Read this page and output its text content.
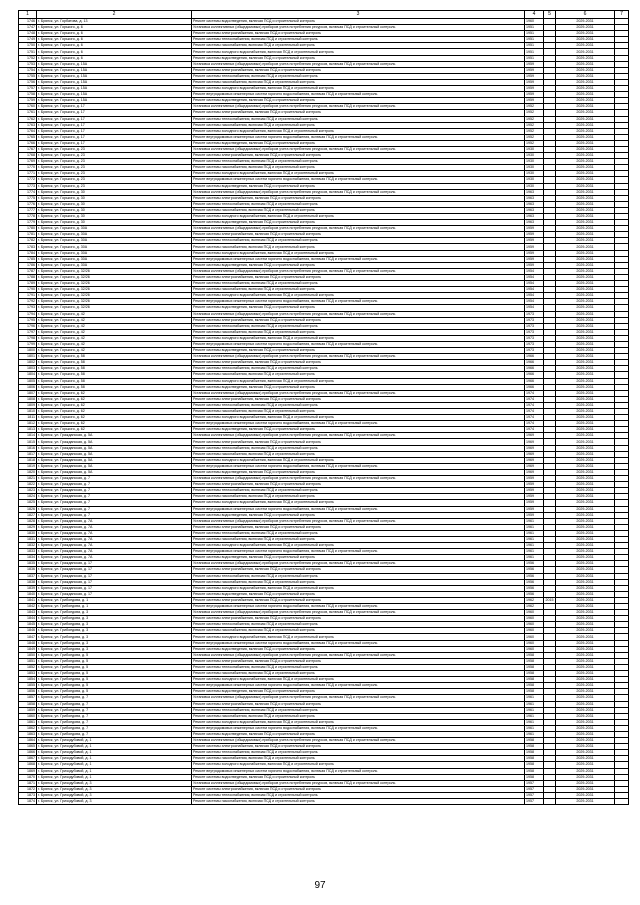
1	2	3	4	5	6	7
1746	г. Брянск, ул. Горбатова, д. 13	Ремонт системы водоотведения, включая ПСД и строительный контроль	1960		2029-2031	
1747	г. Брянск, ул. Горького, д. 6	Установка коллективных (общедомовых) приборов учета потребления ресурсов, включая ПСД и строительный контроль	1951		2029-2031	
1748	г. Брянск, ул. Горького, д. 6	Ремонт системы электроснабжения, включая ПСД и строительный контроль	1951		2029-2031	
1749	г. Брянск, ул. Горького, д. 6	Ремонт системы теплоснабжения, включая ПСД и строительный контроль	1951		2029-2031	
1750	г. Брянск, ул. Горького, д. 6	Ремонт системы газоснабжения, включая ПСД и строительный контроль	1951		2029-2031	
1751	г. Брянск, ул. Горького, д. 6	Ремонт системы холодного водоснабжения, включая ПСД и строительный контроль	1951		2029-2031	
1752	г. Брянск, ул. Горького, д. 6	Ремонт системы водоотведения, включая ПСД и строительный контроль	1951		2029-2031	
1753	г. Брянск, ул. Горького, д. 15А	Установка коллективных (общедомовых) приборов учета потребления ресурсов, включая ПСД и строительный контроль	1959		2029-2031	
1754	г. Брянск, ул. Горького, д. 15А	Ремонт системы электроснабжения, включая ПСД и строительный контроль	1959		2029-2031	
1755	г. Брянск, ул. Горького, д. 15А	Ремонт системы теплоснабжения, включая ПСД и строительный контроль	1959		2029-2031	
1756	г. Брянск, ул. Горького, д. 15А	Ремонт системы газоснабжения, включая ПСД и строительный контроль	1959		2029-2031	
1757	г. Брянск, ул. Горького, д. 15А	Ремонт системы холодного водоснабжения, включая ПСД и строительный контроль	1959		2029-2031	
1758	г. Брянск, ул. Горького, д. 15А	Ремонт внутридомовых инженерных систем горячего водоснабжения, включая ПСД и строительный контроль	1959		2029-2031	
1759	г. Брянск, ул. Горького, д. 15А	Ремонт системы водоотведения, включая ПСД и строительный контроль	1959		2029-2031	
1760	г. Брянск, ул. Горького, д. 17	Установка коллективных (общедомовых) приборов учета потребления ресурсов, включая ПСД и строительный контроль	1952		2029-2031	
1761	г. Брянск, ул. Горького, д. 17	Ремонт системы электроснабжения, включая ПСД и строительный контроль	1952		2029-2031	
1762	г. Брянск, ул. Горького, д. 17	Ремонт системы теплоснабжения, включая ПСД и строительный контроль	1952		2029-2031	
1763	г. Брянск, ул. Горького, д. 17	Ремонт системы газоснабжения, включая ПСД и строительный контроль	1952		2029-2031	
1764	г. Брянск, ул. Горького, д. 17	Ремонт системы холодного водоснабжения, включая ПСД и строительный контроль	1952		2029-2031	
1765	г. Брянск, ул. Горького, д. 17	Ремонт внутридомовых инженерных систем горячего водоснабжения, включая ПСД и строительный контроль	1952		2029-2031	
1766	г. Брянск, ул. Горького, д. 17	Ремонт системы водоотведения, включая ПСД и строительный контроль	1952		2029-2031	
1767	г. Брянск, ул. Горького, д. 23	Установка коллективных (общедомовых) приборов учета потребления ресурсов, включая ПСД и строительный контроль	1930		2029-2031	
1768	г. Брянск, ул. Горького, д. 23	Ремонт системы электроснабжения, включая ПСД и строительный контроль	1930		2029-2031	
1769	г. Брянск, ул. Горького, д. 23	Ремонт системы теплоснабжения, включая ПСД и строительный контроль	1930		2029-2031	
1770	г. Брянск, ул. Горького, д. 23	Ремонт системы газоснабжения, включая ПСД и строительный контроль	1930		2029-2031	
1771	г. Брянск, ул. Горького, д. 23	Ремонт системы холодного водоснабжения, включая ПСД и строительный контроль	1930		2029-2031	
1772	г. Брянск, ул. Горького, д. 23	Ремонт внутридомовых инженерных систем горячего водоснабжения, включая ПСД и строительный контроль	1930		2029-2031	
1773	г. Брянск, ул. Горького, д. 23	Ремонт системы водоотведения, включая ПСД и строительный контроль	1930		2029-2031	
1774	г. Брянск, ул. Горького, д. 30	Установка коллективных (общедомовых) приборов учета потребления ресурсов, включая ПСД и строительный контроль	1963		2029-2031	
1775	г. Брянск, ул. Горького, д. 30	Ремонт системы электроснабжения, включая ПСД и строительный контроль	1963		2029-2031	
1776	г. Брянск, ул. Горького, д. 30	Ремонт системы теплоснабжения, включая ПСД и строительный контроль	1963		2029-2031	
1777	г. Брянск, ул. Горького, д. 30	Ремонт системы газоснабжения, включая ПСД и строительный контроль	1963		2029-2031	
1778	г. Брянск, ул. Горького, д. 30	Ремонт системы холодного водоснабжения, включая ПСД и строительный контроль	1963		2029-2031	
1779	г. Брянск, ул. Горького, д. 30	Ремонт системы водоотведения, включая ПСД и строительный контроль	1963		2029-2031	
1780	г. Брянск, ул. Горького, д. 30А	Установка коллективных (общедомовых) приборов учета потребления ресурсов, включая ПСД и строительный контроль	1959		2029-2031	
1781	г. Брянск, ул. Горького, д. 30А	Ремонт системы электроснабжения, включая ПСД и строительный контроль	1959		2029-2031	
1782	г. Брянск, ул. Горького, д. 30А	Ремонт системы теплоснабжения, включая ПСД и строительный контроль	1959		2029-2031	
1783	г. Брянск, ул. Горького, д. 30А	Ремонт системы газоснабжения, включая ПСД и строительный контроль	1959		2029-2031	
1784	г. Брянск, ул. Горького, д. 30А	Ремонт системы холодного водоснабжения, включая ПСД и строительный контроль	1959		2029-2031	
1785	г. Брянск, ул. Горького, д. 30А	Ремонт внутридомовых инженерных систем горячего водоснабжения, включая ПСД и строительный контроль	1959		2029-2031	
1786	г. Брянск, ул. Горького, д. 30А	Ремонт системы водоотведения, включая ПСД и строительный контроль	1959		2029-2031	
1787	г. Брянск, ул. Горького, д. 32/26	Установка коллективных (общедомовых) приборов учета потребления ресурсов, включая ПСД и строительный контроль	1954		2029-2031	
1788	г. Брянск, ул. Горького, д. 32/26	Ремонт системы электроснабжения, включая ПСД и строительный контроль	1954		2029-2031	
1789	г. Брянск, ул. Горького, д. 32/26	Ремонт системы теплоснабжения, включая ПСД и строительный контроль	1954		2029-2031	
1790	г. Брянск, ул. Горького, д. 32/26	Ремонт системы газоснабжения, включая ПСД и строительный контроль	1954		2029-2031	
1791	г. Брянск, ул. Горького, д. 32/26	Ремонт системы холодного водоснабжения, включая ПСД и строительный контроль	1954		2029-2031	
1792	г. Брянск, ул. Горького, д. 32/26	Ремонт внутридомовых инженерных систем горячего водоснабжения, включая ПСД и строительный контроль	1954		2029-2031	
1793	г. Брянск, ул. Горького, д. 32/26	Ремонт системы водоотведения, включая ПСД и строительный контроль	1954		2029-2031	
1794	г. Брянск, ул. Горького, д. 42	Установка коллективных (общедомовых) приборов учета потребления ресурсов, включая ПСД и строительный контроль	1973		2029-2031	
1795	г. Брянск, ул. Горького, д. 42	Ремонт системы электроснабжения, включая ПСД и строительный контроль	1973		2029-2031	
1796	г. Брянск, ул. Горького, д. 42	Ремонт системы теплоснабжения, включая ПСД и строительный контроль	1973		2029-2031	
1797	г. Брянск, ул. Горького, д. 42	Ремонт системы газоснабжения, включая ПСД и строительный контроль	1973		2029-2031	
1798	г. Брянск, ул. Горького, д. 42	Ремонт системы холодного водоснабжения, включая ПСД и строительный контроль	1973		2029-2031	
1799	г. Брянск, ул. Горького, д. 42	Ремонт внутридомовых инженерных систем горячего водоснабжения, включая ПСД и строительный контроль	1973		2029-2031	
1800	г. Брянск, ул. Горького, д. 42	Ремонт системы водоотведения, включая ПСД и строительный контроль	1973		2029-2031	
1801	г. Брянск, ул. Горького, д. 58	Установка коллективных (общедомовых) приборов учета потребления ресурсов, включая ПСД и строительный контроль	1966		2029-2031	
1802	г. Брянск, ул. Горького, д. 58	Ремонт системы электроснабжения, включая ПСД и строительный контроль	1966		2029-2031	
1803	г. Брянск, ул. Горького, д. 58	Ремонт системы теплоснабжения, включая ПСД и строительный контроль	1966		2029-2031	
1804	г. Брянск, ул. Горького, д. 58	Ремонт системы газоснабжения, включая ПСД и строительный контроль	1966		2029-2031	
1805	г. Брянск, ул. Горького, д. 58	Ремонт системы холодного водоснабжения, включая ПСД и строительный контроль	1966		2029-2031	
1806	г. Брянск, ул. Горького, д. 58	Ремонт системы водоотведения, включая ПСД и строительный контроль	1966		2029-2031	
1807	г. Брянск, ул. Горького, д. 62	Установка коллективных (общедомовых) приборов учета потребления ресурсов, включая ПСД и строительный контроль	1974		2029-2031	
1808	г. Брянск, ул. Горького, д. 62	Ремонт системы электроснабжения, включая ПСД и строительный контроль	1974		2029-2031	
1809	г. Брянск, ул. Горького, д. 62	Ремонт системы теплоснабжения, включая ПСД и строительный контроль	1974		2029-2031	
1810	г. Брянск, ул. Горького, д. 62	Ремонт системы газоснабжения, включая ПСД и строительный контроль	1974		2029-2031	
1811	г. Брянск, ул. Горького, д. 62	Ремонт системы холодного водоснабжения, включая ПСД и строительный контроль	1974		2029-2031	
1812	г. Брянск, ул. Горького, д. 62	Ремонт внутридомовых инженерных систем горячего водоснабжения, включая ПСД и строительный контроль	1974		2029-2031	
1813	г. Брянск, ул. Горького, д. 62	Ремонт системы водоотведения, включая ПСД и строительный контроль	1974		2029-2031	
1814	г. Брянск, ул. Гражданская, д. 5А	Установка коллективных (общедомовых) приборов учета потребления ресурсов, включая ПСД и строительный контроль	1969		2029-2031	
1815	г. Брянск, ул. Гражданская, д. 5А	Ремонт системы электроснабжения, включая ПСД и строительный контроль	1969		2029-2031	
1816	г. Брянск, ул. Гражданская, д. 5А	Ремонт системы теплоснабжения, включая ПСД и строительный контроль	1969		2029-2031	
1817	г. Брянск, ул. Гражданская, д. 5А	Ремонт системы газоснабжения, включая ПСД и строительный контроль	1969		2029-2031	
1818	г. Брянск, ул. Гражданская, д. 5А	Ремонт системы холодного водоснабжения, включая ПСД и строительный контроль	1969		2029-2031	
1819	г. Брянск, ул. Гражданская, д. 5А	Ремонт внутридомовых инженерных систем горячего водоснабжения, включая ПСД и строительный контроль	1969		2029-2031	
1820	г. Брянск, ул. Гражданская, д. 5А	Ремонт системы водоотведения, включая ПСД и строительный контроль	1969		2029-2031	
1821	г. Брянск, ул. Гражданская, д. 7	Установка коллективных (общедомовых) приборов учета потребления ресурсов, включая ПСД и строительный контроль	1959		2029-2031	
1822	г. Брянск, ул. Гражданская, д. 7	Ремонт системы электроснабжения, включая ПСД и строительный контроль	1959		2029-2031	
1823	г. Брянск, ул. Гражданская, д. 7	Ремонт системы теплоснабжения, включая ПСД и строительный контроль	1959		2029-2031	
1824	г. Брянск, ул. Гражданская, д. 7	Ремонт системы газоснабжения, включая ПСД и строительный контроль	1959		2029-2031	
1825	г. Брянск, ул. Гражданская, д. 7	Ремонт системы холодного водоснабжения, включая ПСД и строительный контроль	1959		2029-2031	
1826	г. Брянск, ул. Гражданская, д. 7	Ремонт внутридомовых инженерных систем горячего водоснабжения, включая ПСД и строительный контроль	1959		2029-2031	
1827	г. Брянск, ул. Гражданская, д. 7	Ремонт системы водоотведения, включая ПСД и строительный контроль	1959		2029-2031	
1828	г. Брянск, ул. Гражданская, д. 7А	Установка коллективных (общедомовых) приборов учета потребления ресурсов, включая ПСД и строительный контроль	1961		2029-2031	
1829	г. Брянск, ул. Гражданская, д. 7А	Ремонт системы электроснабжения, включая ПСД и строительный контроль	1961		2029-2031	
1830	г. Брянск, ул. Гражданская, д. 7А	Ремонт системы теплоснабжения, включая ПСД и строительный контроль	1961		2029-2031	
1831	г. Брянск, ул. Гражданская, д. 7А	Ремонт системы газоснабжения, включая ПСД и строительный контроль	1961		2029-2031	
1832	г. Брянск, ул. Гражданская, д. 7А	Ремонт системы холодного водоснабжения, включая ПСД и строительный контроль	1961		2029-2031	
1833	г. Брянск, ул. Гражданская, д. 7А	Ремонт внутридомовых инженерных систем горячего водоснабжения, включая ПСД и строительный контроль	1961		2029-2031	
1834	г. Брянск, ул. Гражданская, д. 7А	Ремонт системы водоотведения, включая ПСД и строительный контроль	1961		2029-2031	
1835	г. Брянск, ул. Гражданская, д. 17	Установка коллективных (общедомовых) приборов учета потребления ресурсов, включая ПСД и строительный контроль	1956		2029-2031	
1836	г. Брянск, ул. Гражданская, д. 17	Ремонт системы электроснабжения, включая ПСД и строительный контроль	1956		2029-2031	
1837	г. Брянск, ул. Гражданская, д. 17	Ремонт системы теплоснабжения, включая ПСД и строительный контроль	1956		2029-2031	
1838	г. Брянск, ул. Гражданская, д. 17	Ремонт системы газоснабжения, включая ПСД и строительный контроль	1956		2029-2031	
1839	г. Брянск, ул. Гражданская, д. 17	Ремонт системы холодного водоснабжения, включая ПСД и строительный контроль	1956		2029-2031	
1840	г. Брянск, ул. Гражданская, д. 17	Ремонт системы водоотведения, включая ПСД и строительный контроль	1956		2029-2031	
1841	г. Брянск, ул. Грибоедова, д. 1	Ремонт системы электроснабжения, включая ПСД и строительный контроль	1962	2015	2029-2031	
1842	г. Брянск, ул. Грибоедова, д. 1	Ремонт внутридомовых инженерных систем горячего водоснабжения, включая ПСД и строительный контроль	1962		2029-2031	
1843	г. Брянск, ул. Грибоедова, д. 3	Установка коллективных (общедомовых) приборов учета потребления ресурсов, включая ПСД и строительный контроль	1960		2029-2031	
1844	г. Брянск, ул. Грибоедова, д. 3	Ремонт системы электроснабжения, включая ПСД и строительный контроль	1960		2029-2031	
1845	г. Брянск, ул. Грибоедова, д. 3	Ремонт системы теплоснабжения, включая ПСД и строительный контроль	1960		2029-2031	
1846	г. Брянск, ул. Грибоедова, д. 3	Ремонт системы газоснабжения, включая ПСД и строительный контроль	1960		2029-2031	
1847	г. Брянск, ул. Грибоедова, д. 3	Ремонт системы холодного водоснабжения, включая ПСД и строительный контроль	1960		2029-2031	
1848	г. Брянск, ул. Грибоедова, д. 3	Ремонт внутридомовых инженерных систем горячего водоснабжения, включая ПСД и строительный контроль	1960		2029-2031	
1849	г. Брянск, ул. Грибоедова, д. 3	Ремонт системы водоотведения, включая ПСД и строительный контроль	1960		2029-2031	
1850	г. Брянск, ул. Грибоедова, д. 5	Установка коллективных (общедомовых) приборов учета потребления ресурсов, включая ПСД и строительный контроль	1958		2029-2031	
1851	г. Брянск, ул. Грибоедова, д. 5	Ремонт системы электроснабжения, включая ПСД и строительный контроль	1958		2029-2031	
1852	г. Брянск, ул. Грибоедова, д. 5	Ремонт системы теплоснабжения, включая ПСД и строительный контроль	1958		2029-2031	
1853	г. Брянск, ул. Грибоедова, д. 5	Ремонт системы газоснабжения, включая ПСД и строительный контроль	1958		2029-2031	
1854	г. Брянск, ул. Грибоедова, д. 5	Ремонт системы холодного водоснабжения, включая ПСД и строительный контроль	1958		2029-2031	
1855	г. Брянск, ул. Грибоедова, д. 5	Ремонт внутридомовых инженерных систем горячего водоснабжения, включая ПСД и строительный контроль	1958		2029-2031	
1856	г. Брянск, ул. Грибоедова, д. 5	Ремонт системы водоотведения, включая ПСД и строительный контроль	1958		2029-2031	
1857	г. Брянск, ул. Грибоедова, д. 7	Установка коллективных (общедомовых) приборов учета потребления ресурсов, включая ПСД и строительный контроль	1961		2029-2031	
1858	г. Брянск, ул. Грибоедова, д. 7	Ремонт системы электроснабжения, включая ПСД и строительный контроль	1961		2029-2031	
1859	г. Брянск, ул. Грибоедова, д. 7	Ремонт системы теплоснабжения, включая ПСД и строительный контроль	1961		2029-2031	
1860	г. Брянск, ул. Грибоедова, д. 7	Ремонт системы газоснабжения, включая ПСД и строительный контроль	1961		2029-2031	
1861	г. Брянск, ул. Грибоедова, д. 7	Ремонт системы холодного водоснабжения, включая ПСД и строительный контроль	1961		2029-2031	
1862	г. Брянск, ул. Грибоедова, д. 7	Ремонт внутридомовых инженерных систем горячего водоснабжения, включая ПСД и строительный контроль	1961		2029-2031	
1863	г. Брянск, ул. Грибоедова, д. 7	Ремонт системы водоотведения, включая ПСД и строительный контроль	1961		2029-2031	
1864	г. Брянск, ул. Гризодубовой, д. 1	Установка коллективных (общедомовых) приборов учета потребления ресурсов, включая ПСД и строительный контроль	1958		2029-2031	
1865	г. Брянск, ул. Гризодубовой, д. 1	Ремонт системы электроснабжения, включая ПСД и строительный контроль	1958		2029-2031	
1866	г. Брянск, ул. Гризодубовой, д. 1	Ремонт системы теплоснабжения, включая ПСД и строительный контроль	1958		2029-2031	
1867	г. Брянск, ул. Гризодубовой, д. 1	Ремонт системы газоснабжения, включая ПСД и строительный контроль	1958		2029-2031	
1868	г. Брянск, ул. Гризодубовой, д. 1	Ремонт системы холодного водоснабжения, включая ПСД и строительный контроль	1958		2029-2031	
1869	г. Брянск, ул. Гризодубовой, д. 1	Ремонт внутридомовых инженерных систем горячего водоснабжения, включая ПСД и строительный контроль	1958		2029-2031	
1870	г. Брянск, ул. Гризодубовой, д. 1	Ремонт системы водоотведения, включая ПСД и строительный контроль	1958		2029-2031	
1871	г. Брянск, ул. Гризодубовой, д. 3	Установка коллективных (общедомовых) приборов учета потребления ресурсов, включая ПСД и строительный контроль	1957		2029-2031	
1872	г. Брянск, ул. Гризодубовой, д. 3	Ремонт системы электроснабжения, включая ПСД и строительный контроль	1957		2029-2031	
1873	г. Брянск, ул. Гризодубовой, д. 3	Ремонт системы теплоснабжения, включая ПСД и строительный контроль	1957		2029-2031	
1874	г. Брянск, ул. Гризодубовой, д. 3	Ремонт системы газоснабжения, включая ПСД и строительный контроль	1957		2029-2031	
97
